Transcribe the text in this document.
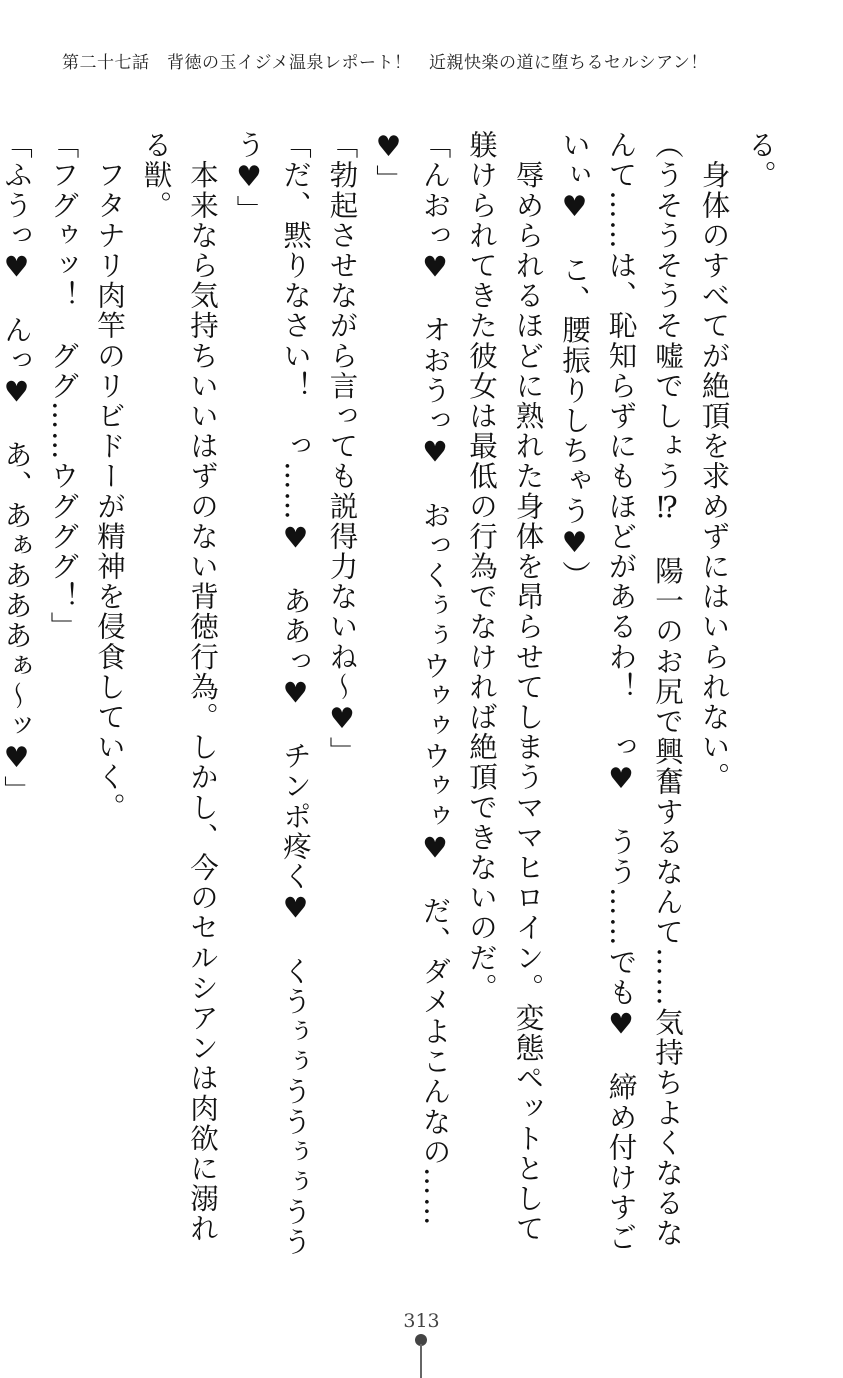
第二十七話　背徳の玉イジメ温泉レポート！　近親快楽の道に堕ちるセルシアン！

る。

　身体のすべてが絶頂を求めずにはいられない。

（うそうそうそ嘘でしょう⁉　陽一のお尻で興奮するなんて……気持ちよくなるなんて……は、恥知らずにもほどがあるわ！　っ♥　うう……でも♥　締め付けすごいぃ♥　こ、腰振りしちゃう♥）

　辱められるほどに熟れた身体を昂らせてしまうママヒロイン。変態ペットとして躾けられてきた彼女は最低の行為でなければ絶頂できないのだ。

「んおっ♥　オおうっ♥　おっくぅぅウゥゥウゥゥ♥　だ、ダメよこんなの……♥」

「勃起させながら言っても説得力ないね～♥」

「だ、黙りなさい！　っ……♥　ああっ♥　チンポ疼く♥　くうぅぅううぅぅううう♥」

　本来なら気持ちいいはずのない背徳行為。しかし、今のセルシアンは肉欲に溺れる獣。

　フタナリ肉竿のリビドーが精神を侵食していく。

「フグゥッ！　ググ……ウグググ！」

「ふうっ♥　んっ♥　あ、あぁあああぁ～ッ♥」

313
